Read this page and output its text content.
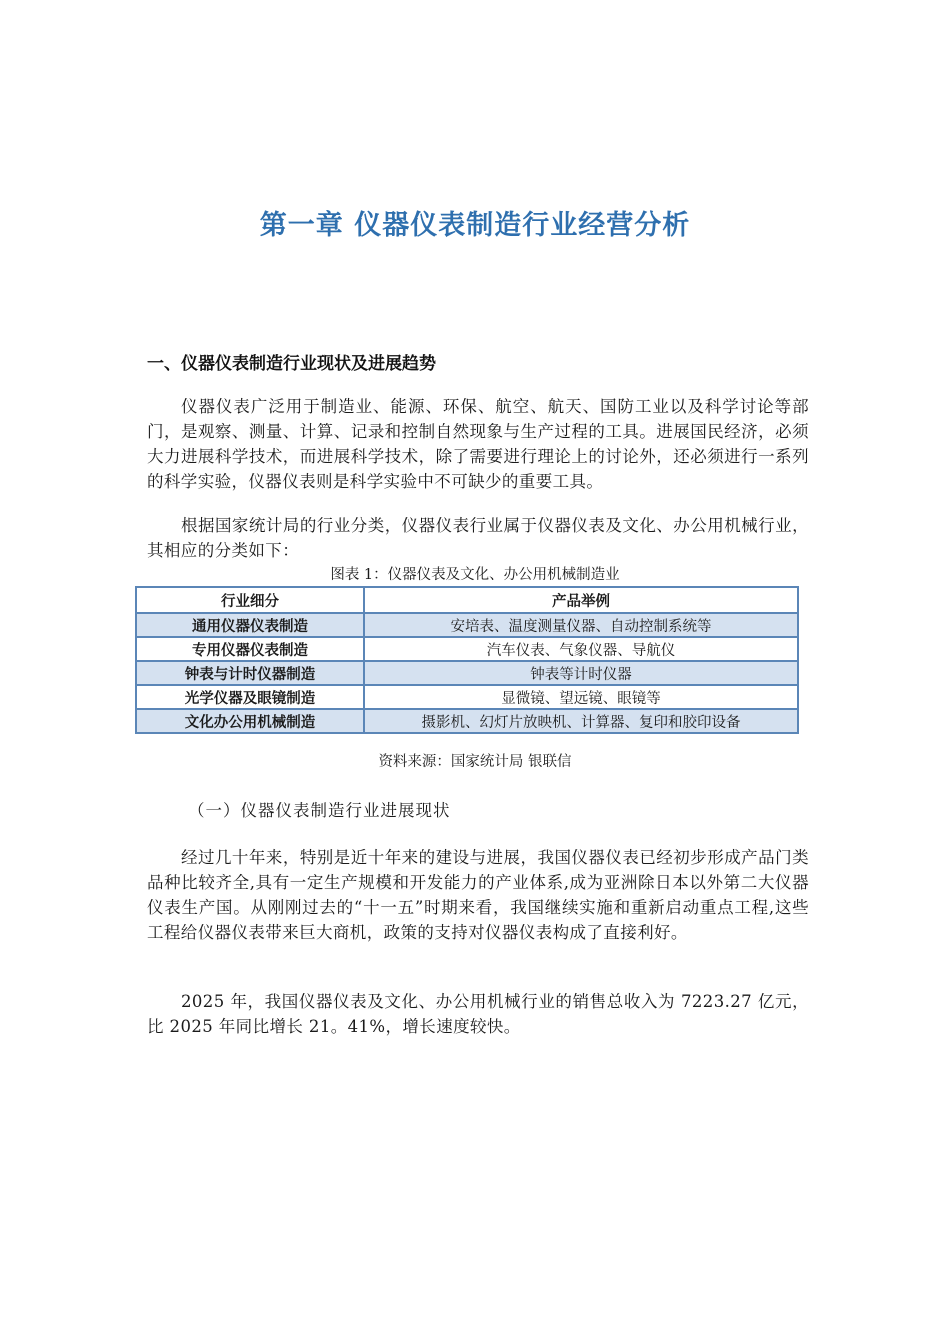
第一章 仪器仪表制造行业经营分析
一、仪器仪表制造行业现状及进展趋势

仪器仪表广泛用于制造业、能源、环保、航空、航天、国防工业以及科学讨论等部门，是观察、测量、计算、记录和控制自然现象与生产过程的工具。进展国民经济，必须大力进展科学技术，而进展科学技术，除了需要进行理论上的讨论外，还必须进行一系列的科学实验，仪器仪表则是科学实验中不可缺少的重要工具。

根据国家统计局的行业分类，仪器仪表行业属于仪器仪表及文化、办公用机械行业，其相应的分类如下：

图表 1：仪器仪表及文化、办公用机械制造业
行业细分	产品举例
通用仪器仪表制造	安培表、温度测量仪器、自动控制系统等
专用仪器仪表制造	汽车仪表、气象仪器、导航仪
钟表与计时仪器制造	钟表等计时仪器
光学仪器及眼镜制造	显微镜、望远镜、眼镜等
文化办公用机械制造	摄影机、幻灯片放映机、计算器、复印和胶印设备
资料来源：国家统计局 银联信
（一）仪器仪表制造行业进展现状

经过几十年来，特别是近十年来的建设与进展，我国仪器仪表已经初步形成产品门类品种比较齐全,具有一定生产规模和开发能力的产业体系,成为亚洲除日本以外第二大仪器仪表生产国。从刚刚过去的“十一五”时期来看，我国继续实施和重新启动重点工程,这些工程给仪器仪表带来巨大商机，政策的支持对仪器仪表构成了直接利好。

2025 年，我国仪器仪表及文化、办公用机械行业的销售总收入为 7223.27 亿元，比 2025 年同比增长 21。41%，增长速度较快。
